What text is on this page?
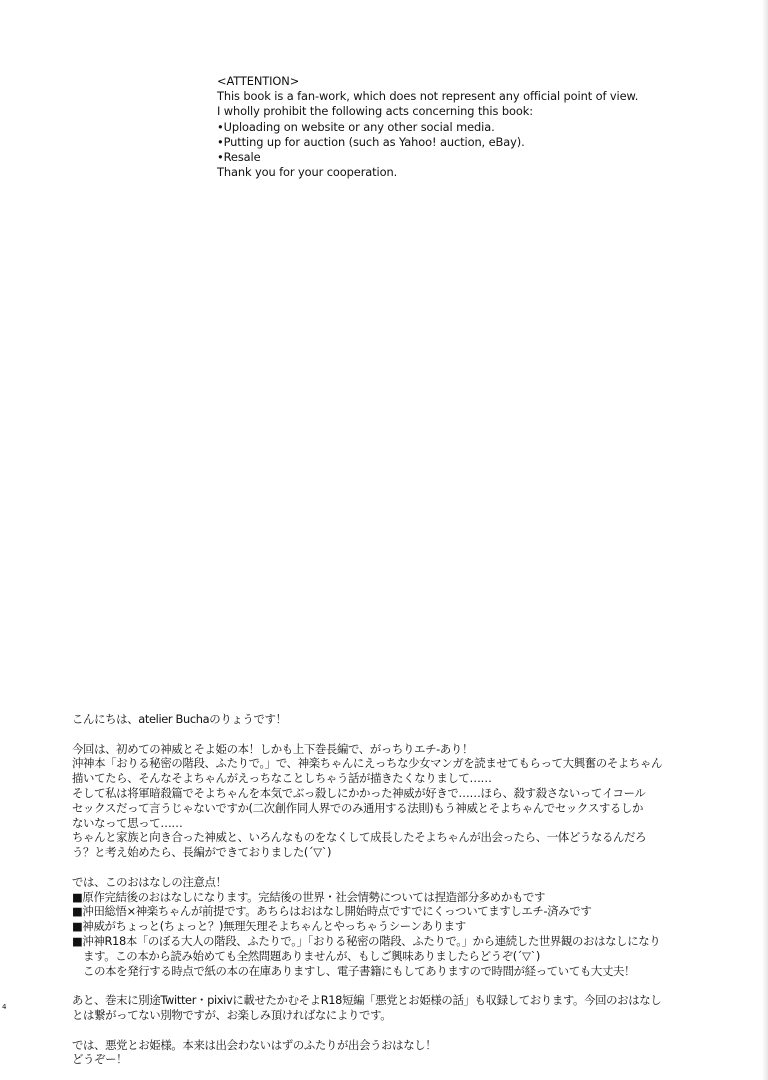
<ATTENTION>
This book is a fan-work, which does not represent any official point of view.
I wholly prohibit the following acts concerning this book:
•Uploading on website or any other social media.
•Putting up for auction (such as Yahoo! auction, eBay).
•Resale
Thank you for your cooperation.
こんにちは、atelier Buchaのりょうです！
今回は、初めての神威とそよ姫の本！しかも上下巻長編で、がっちりエチ-あり！
沖神本「おりる秘密の階段、ふたりで。」で、神楽ちゃんにえっちな少女マンガを読ませてもらって大興奮のそよちゃん
描いてたら、そんなそよちゃんがえっちなことしちゃう話が描きたくなりまして……
そして私は将軍暗殺篇でそよちゃんを本気でぶっ殺しにかかった神威が好きで……ほら、殺す殺さないってイコール
セックスだって言うじゃないですか(二次創作同人界でのみ通用する法則)もう神威とそよちゃんでセックスするしか
ないなって思って……
ちゃんと家族と向き合った神威と、いろんなものをなくして成長したそよちゃんが出会ったら、一体どうなるんだろ
う？と考え始めたら、長編ができておりました(´▽`)
では、このおはなしの注意点！
■原作完結後のおはなしになります。完結後の世界・社会情勢については捏造部分多めかもです
■沖田総悟×神楽ちゃんが前提です。あちらはおはなし開始時点ですでにくっついてますしエチ-済みです
■神威がちょっと(ちょっと？)無理矢理そよちゃんとやっちゃうシーンあります
■沖神R18本「のぼる大人の階段、ふたりで。」「おりる秘密の階段、ふたりで。」から連続した世界観のおはなしになり
　ます。この本から読み始めても全然問題ありませんが、もしご興味ありましたらどうぞ(´▽`)
　この本を発行する時点で紙の本の在庫ありますし、電子書籍にもしてありますので時間が経っていても大丈夫！
あと、巻末に別途Twitter・pixivに載せたかむそよR18短編「悪党とお姫様の話」も収録しております。今回のおはなし
とは繋がってない別物ですが、お楽しみ頂ければなによりです。
では、悪党とお姫様。本来は出会わないはずのふたりが出会うおはなし！
どうぞー！
4
